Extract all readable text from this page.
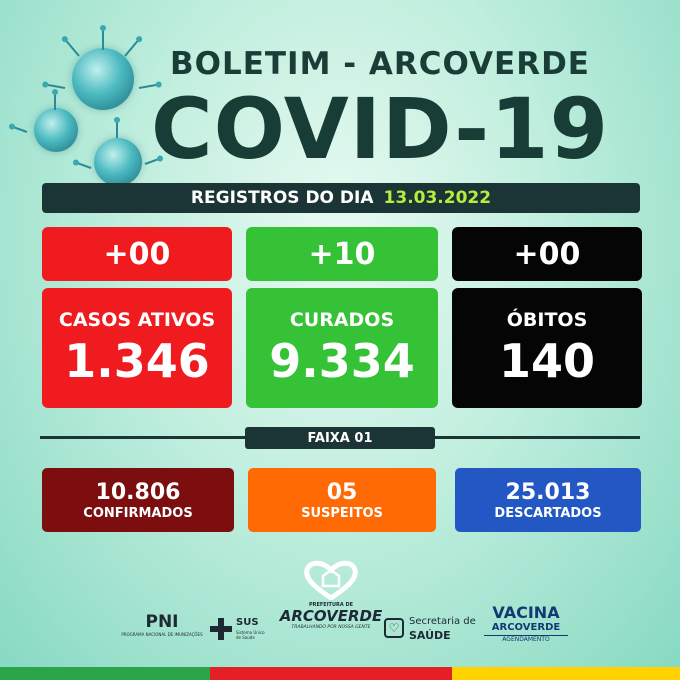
BOLETIM - ARCOVERDE
COVID-19
REGISTROS DO DIA 13.03.2022
+00	+10	+00
CASOS ATIVOS
1.346
CURADOS
9.334
ÓBITOS
140
FAIXA 01
10.806
CONFIRMADOS
05
SUSPEITOS
25.013
DESCARTADOS
PNI
PROGRAMA NACIONAL DE IMUNIZAÇÕES
SUS
Sistema Único de Saúde
PREFEITURA DE
ARCOVERDE
TRABALHANDO POR NOSSA GENTE	♡ Secretaria de
SAÚDE
VACINA
ARCOVERDE
AGENDAMENTO
